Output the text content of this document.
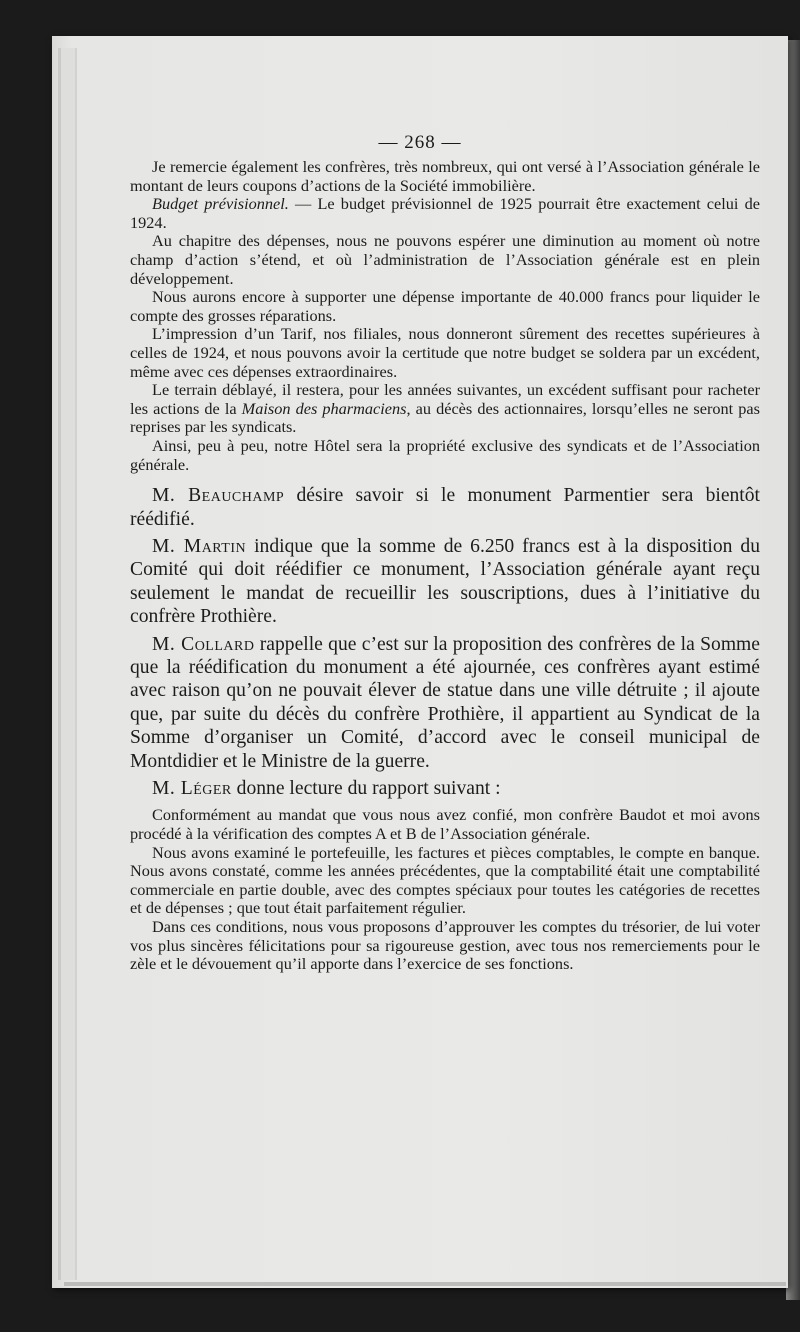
— 268 —

Je remercie également les confrères, très nombreux, qui ont versé à l’Association générale le montant de leurs coupons d’actions de la Société immobilière.

Budget prévisionnel. — Le budget prévisionnel de 1925 pourrait être exactement celui de 1924.

Au chapitre des dépenses, nous ne pouvons espérer une diminution au moment où notre champ d’action s’étend, et où l’administration de l’Association générale est en plein développement.

Nous aurons encore à supporter une dépense importante de 40.000 francs pour liquider le compte des grosses réparations.

L’impression d’un Tarif, nos filiales, nous donneront sûrement des recettes supérieures à celles de 1924, et nous pouvons avoir la certitude que notre budget se soldera par un excédent, même avec ces dépenses extraordinaires.

Le terrain déblayé, il restera, pour les années suivantes, un excédent suffisant pour racheter les actions de la Maison des pharmaciens, au décès des actionnaires, lorsqu’elles ne seront pas reprises par les syndicats.

Ainsi, peu à peu, notre Hôtel sera la propriété exclusive des syndicats et de l’Association générale.

M. Beauchamp désire savoir si le monument Parmentier sera bientôt réédifié.

M. Martin indique que la somme de 6.250 francs est à la disposition du Comité qui doit réédifier ce monument, l’Association générale ayant reçu seulement le mandat de recueillir les souscriptions, dues à l’initiative du confrère Prothière.

M. Collard rappelle que c’est sur la proposition des confrères de la Somme que la réédification du monument a été ajournée, ces confrères ayant estimé avec raison qu’on ne pouvait élever de statue dans une ville détruite ; il ajoute que, par suite du décès du confrère Prothière, il appartient au Syndicat de la Somme d’organiser un Comité, d’accord avec le conseil municipal de Montdidier et le Ministre de la guerre.

M. Léger donne lecture du rapport suivant :

Conformément au mandat que vous nous avez confié, mon confrère Baudot et moi avons procédé à la vérification des comptes A et B de l’Association générale.

Nous avons examiné le portefeuille, les factures et pièces comptables, le compte en banque. Nous avons constaté, comme les années précédentes, que la comptabilité était une comptabilité commerciale en partie double, avec des comptes spéciaux pour toutes les catégories de recettes et de dépenses ; que tout était parfaitement régulier.

Dans ces conditions, nous vous proposons d’approuver les comptes du trésorier, de lui voter vos plus sincères félicitations pour sa rigoureuse gestion, avec tous nos remerciements pour le zèle et le dévouement qu’il apporte dans l’exercice de ses fonctions.
